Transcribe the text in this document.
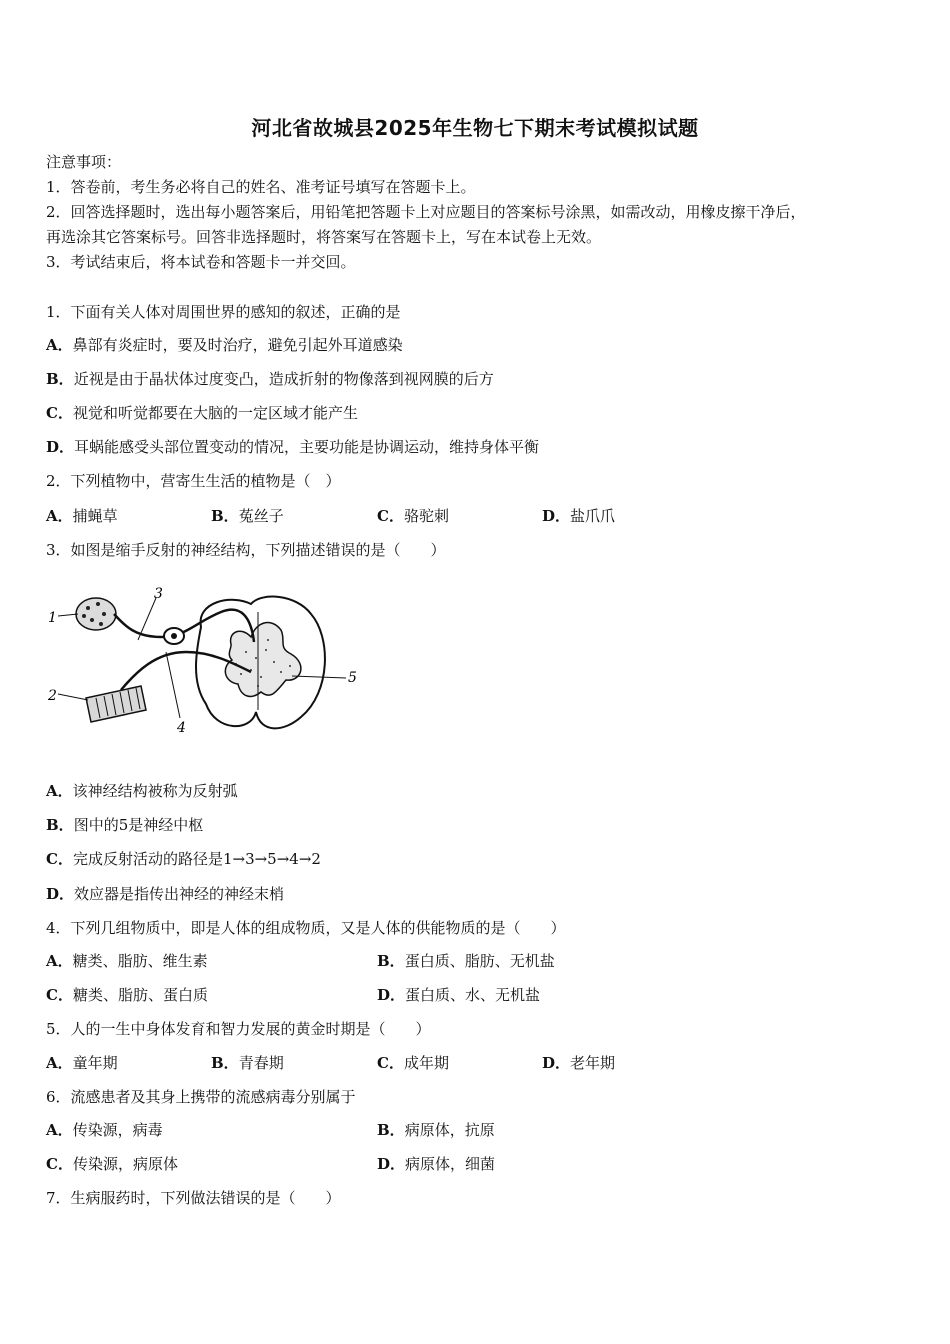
河北省故城县2025年生物七下期末考试模拟试题
注意事项：
1．答卷前，考生务必将自己的姓名、准考证号填写在答题卡上。
2．回答选择题时，选出每小题答案后，用铅笔把答题卡上对应题目的答案标号涂黑，如需改动，用橡皮擦干净后，
再选涂其它答案标号。回答非选择题时，将答案写在答题卡上，写在本试卷上无效。
3．考试结束后，将本试卷和答题卡一并交回。
1．下面有关人体对周围世界的感知的叙述，正确的是
A．鼻部有炎症时，要及时治疗，避免引起外耳道感染
B．近视是由于晶状体过度变凸，造成折射的物像落到视网膜的后方
C．视觉和听觉都要在大脑的一定区域才能产生
D．耳蜗能感受头部位置变动的情况，主要功能是协调运动，维持身体平衡
2．下列植物中，营寄生生活的植物是（　）
A．捕蝇草	B．菟丝子	C．骆驼刺	D．盐爪爪
3．如图是缩手反射的神经结构，下列描述错误的是（　　）
1
2
3
4
5
A．该神经结构被称为反射弧
B．图中的5是神经中枢
C．完成反射活动的路径是1→3→5→4→2
D．效应器是指传出神经的神经末梢
4．下列几组物质中，即是人体的组成物质，又是人体的供能物质的是（　　）
A．糖类、脂肪、维生素	B．蛋白质、脂肪、无机盐
C．糖类、脂肪、蛋白质	D．蛋白质、水、无机盐
5．人的一生中身体发育和智力发展的黄金时期是（　　）
A．童年期	B．青春期	C．成年期	D．老年期
6．流感患者及其身上携带的流感病毒分别属于
A．传染源，病毒	B．病原体，抗原
C．传染源，病原体	D．病原体，细菌
7．生病服药时，下列做法错误的是（　　）
